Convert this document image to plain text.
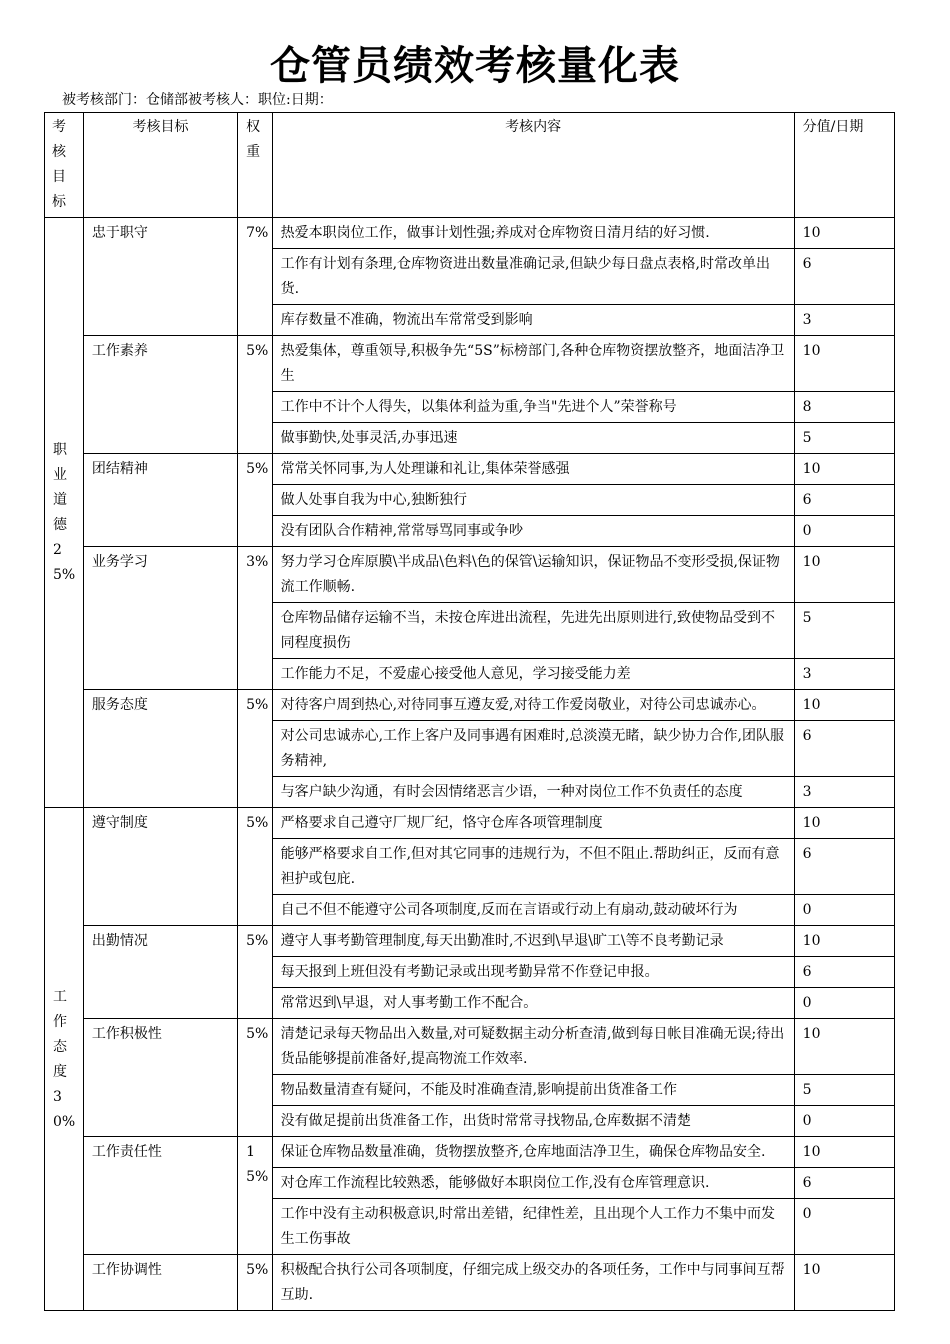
仓管员绩效考核量化表
被考核部门：仓储部被考核人：职位:日期：
考核目标	考核目标	权重	考核内容	分值/日期
职业道德25%	忠于职守	7%	热爱本职岗位工作，做事计划性强;养成对仓库物资日清月结的好习惯.	10
			工作有计划有条理,仓库物资进出数量准确记录,但缺少每日盘点表格,时常改单出货.	6
			库存数量不准确，物流出车常常受到影响	3
	工作素养	5%	热爱集体，尊重领导,积极争先“5S”标榜部门,各种仓库物资摆放整齐，地面洁净卫生	10
			工作中不计个人得失，以集体利益为重,争当"先进个人”荣誉称号	8
			做事勤快,处事灵活,办事迅速	5
	团结精神	5%	常常关怀同事,为人处理谦和礼让,集体荣誉感强	10
			做人处事自我为中心,独断独行	6
			没有团队合作精神,常常辱骂同事或争吵	0
	业务学习	3%	努力学习仓库原膜\半成品\色料\色的保管\运输知识，保证物品不变形受损,保证物流工作顺畅.	10
			仓库物品储存运输不当，未按仓库进出流程，先进先出原则进行,致使物品受到不同程度损伤	5
			工作能力不足，不爱虚心接受他人意见，学习接受能力差	3
	服务态度	5%	对待客户周到热心,对待同事互遵友爱,对待工作爱岗敬业，对待公司忠诚赤心。	10
			对公司忠诚赤心,工作上客户及同事遇有困难时,总淡漠无睹，缺少协力合作,团队服务精神,	6
			与客户缺少沟通，有时会因情绪恶言少语，一种对岗位工作不负责任的态度	3
工作态度30%	遵守制度	5%	严格要求自己遵守厂规厂纪，恪守仓库各项管理制度	10
			能够严格要求自工作,但对其它同事的违规行为，不但不阻止.帮助纠正，反而有意袒护或包庇.	6
			自己不但不能遵守公司各项制度,反而在言语或行动上有扇动,鼓动破坏行为	0
	出勤情况	5%	遵守人事考勤管理制度,每天出勤准时,不迟到\早退\旷工\等不良考勤记录	10
			每天报到上班但没有考勤记录或出现考勤异常不作登记申报。	6
			常常迟到\早退，对人事考勤工作不配合。	0
	工作积极性	5%	清楚记录每天物品出入数量,对可疑数据主动分析查清,做到每日帐目准确无误;待出货品能够提前准备好,提高物流工作效率.	10
			物品数量清查有疑问，不能及时准确查清,影响提前出货准备工作	5
			没有做足提前出货准备工作，出货时常常寻找物品,仓库数据不清楚	0
	工作责任性	15%	保证仓库物品数量准确，货物摆放整齐,仓库地面洁净卫生，确保仓库物品安全.	10
			对仓库工作流程比较熟悉，能够做好本职岗位工作,没有仓库管理意识.	6
			工作中没有主动积极意识,时常出差错，纪律性差，且出现个人工作力不集中而发生工伤事故	0
	工作协调性	5%	积极配合执行公司各项制度，仔细完成上级交办的各项任务，工作中与同事间互帮互助.	10
